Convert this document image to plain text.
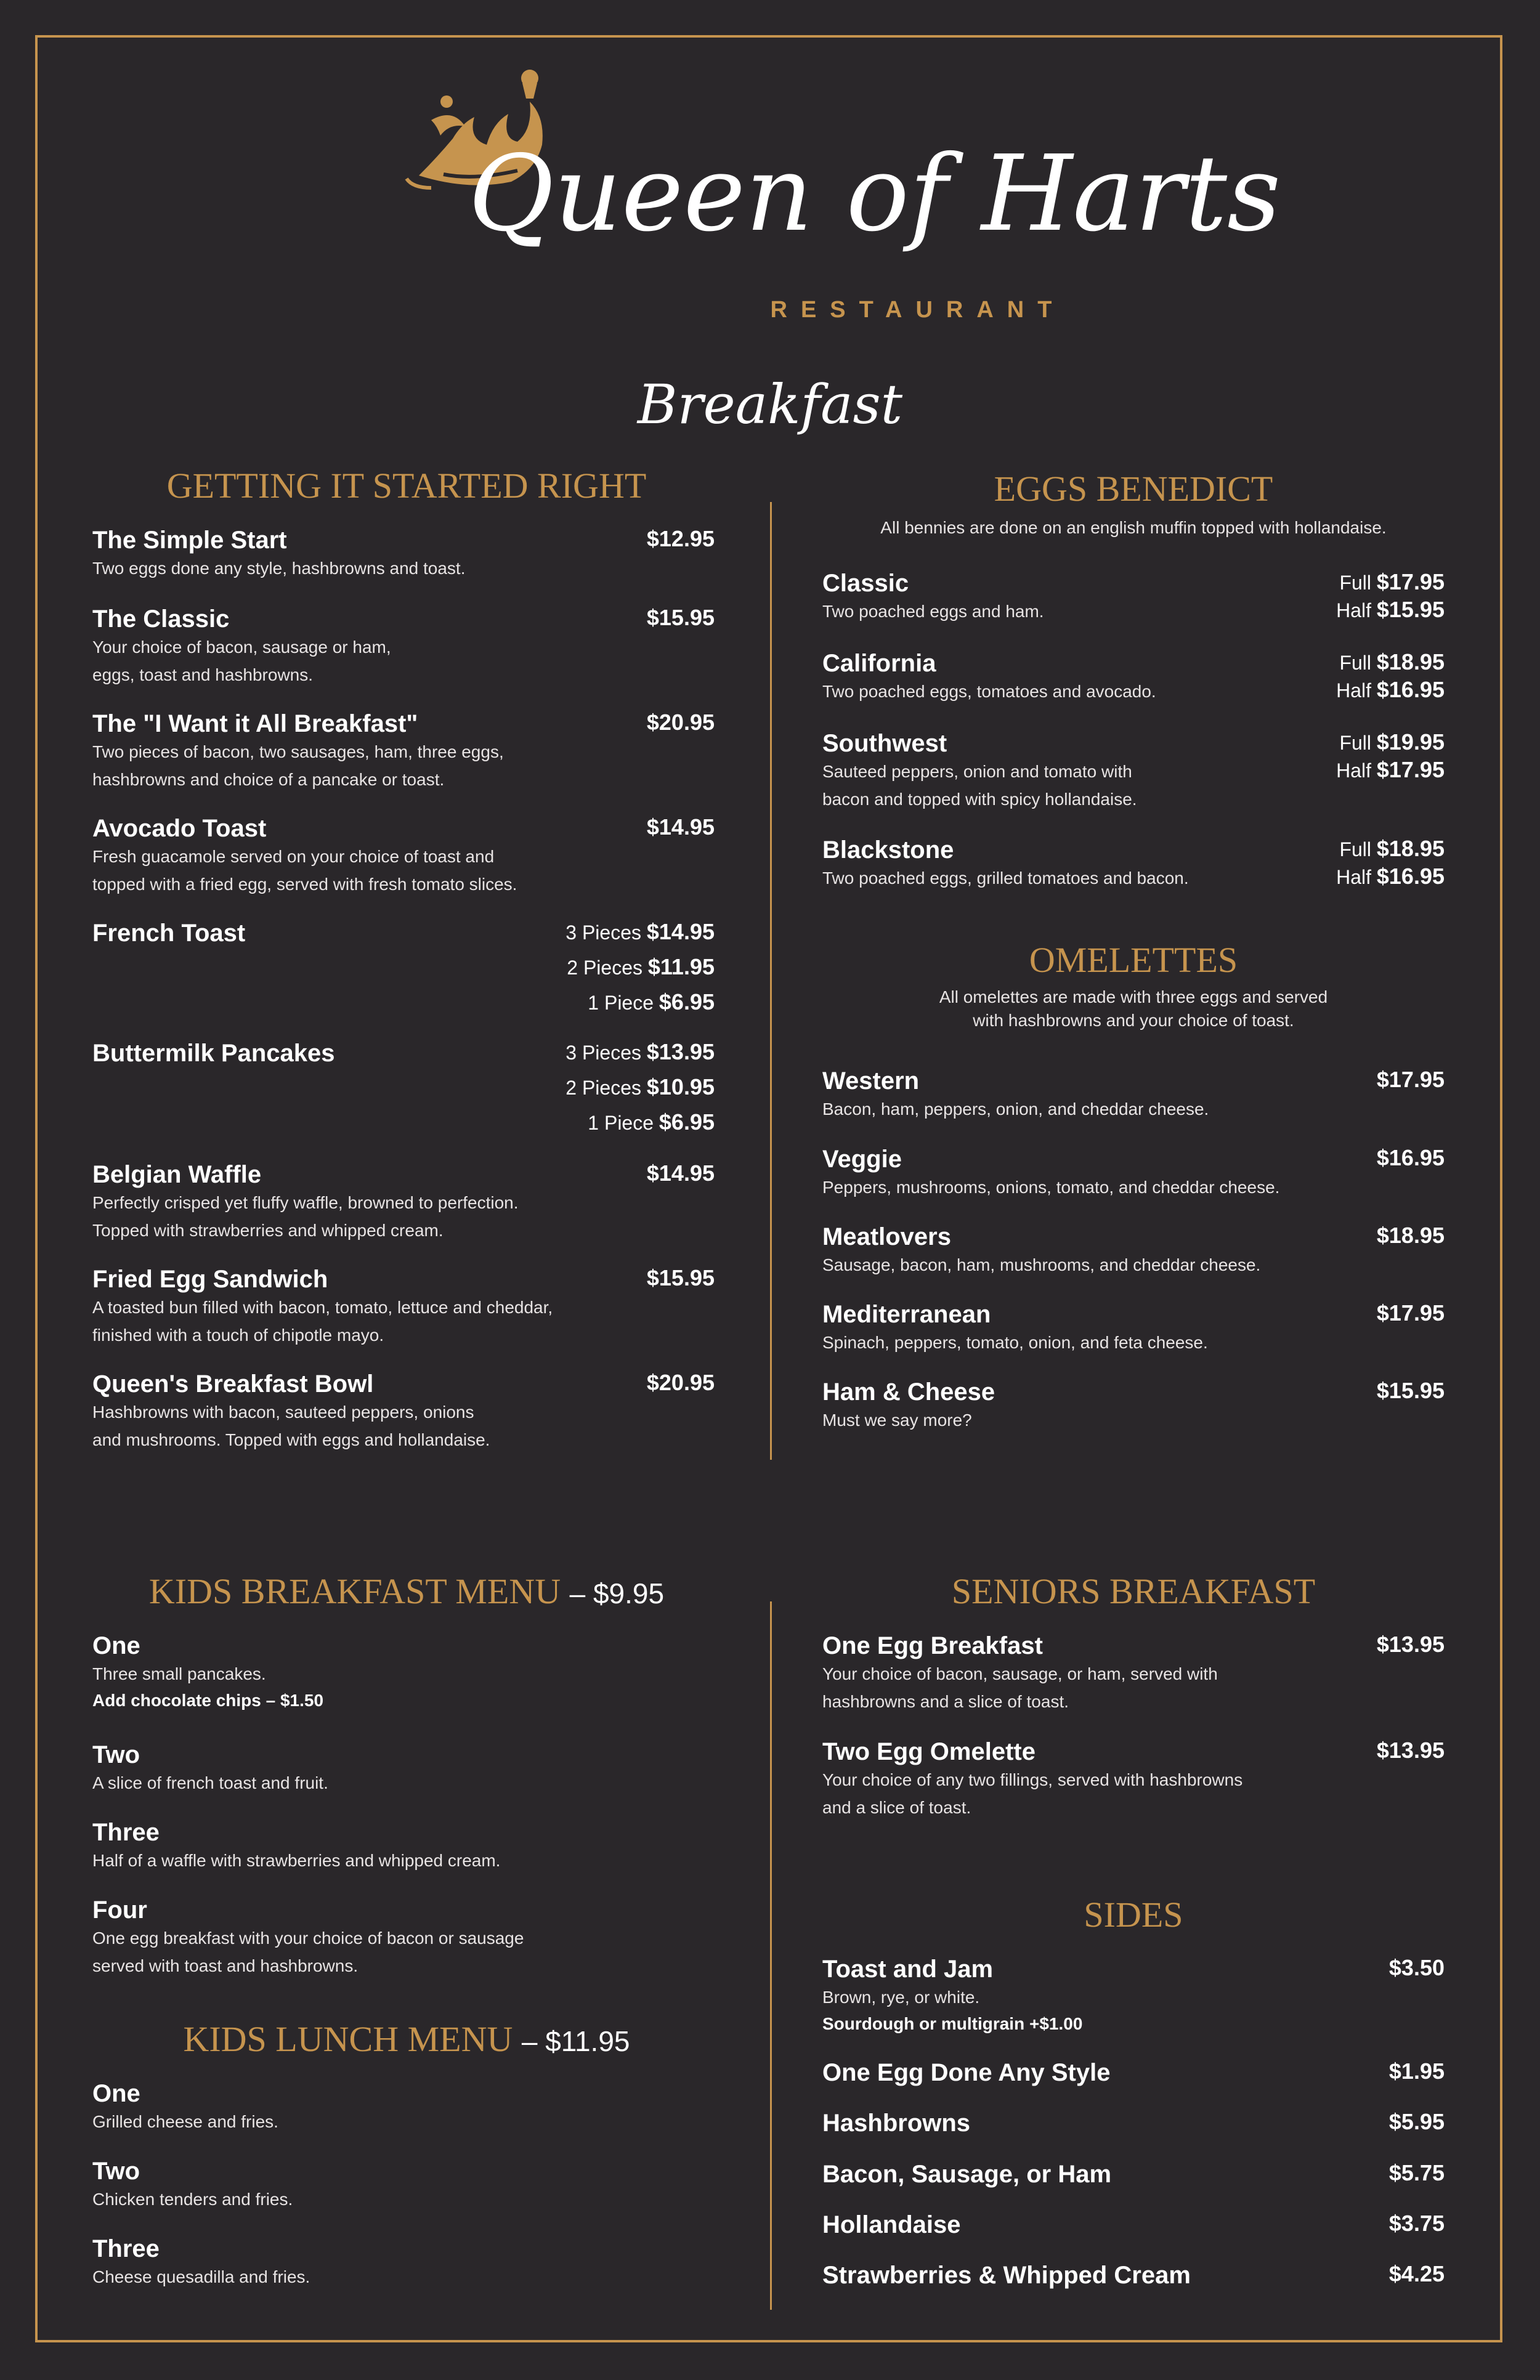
Queen of Harts
RESTAURANT
Breakfast
GETTING IT STARTED RIGHT	EGGS BENEDICT
All bennies are done on an english muffin topped with hollandaise.
OMELETTES
All omelettes are made with three eggs and served
with hashbrowns and your choice of toast.
KIDS BREAKFAST MENU – $9.95
KIDS LUNCH MENU – $11.95
SENIORS BREAKFAST
SIDES
The Simple Start	$12.95
Two eggs done any style, hashbrowns and toast.
The Classic	$15.95
Your choice of bacon, sausage or ham,
eggs, toast and hashbrowns.
The "I Want it All Breakfast"	$20.95
Two pieces of bacon, two sausages, ham, three eggs,
hashbrowns and choice of a pancake or toast.
Avocado Toast	$14.95
Fresh guacamole served on your choice of toast and
topped with a fried egg, served with fresh tomato slices.
French Toast	3 Pieces $14.95
2 Pieces $11.95
1 Piece $6.95
Buttermilk Pancakes	3 Pieces $13.95
2 Pieces $10.95
1 Piece $6.95
Belgian Waffle	$14.95
Perfectly crisped yet fluffy waffle, browned to perfection.
Topped with strawberries and whipped cream.
Fried Egg Sandwich	$15.95
A toasted bun filled with bacon, tomato, lettuce and cheddar,
finished with a touch of chipotle mayo.
Queen's Breakfast Bowl	$20.95
Hashbrowns with bacon, sauteed peppers, onions
and mushrooms. Topped with eggs and hollandaise.
Classic
Two poached eggs and ham.
Full $17.95
Half $15.95
California
Two poached eggs, tomatoes and avocado.
Full $18.95
Half $16.95
Southwest
Sauteed peppers, onion and tomato with
bacon and topped with spicy hollandaise.
Full $19.95
Half $17.95
Blackstone
Two poached eggs, grilled tomatoes and bacon.
Full $18.95
Half $16.95
Western	$17.95
Bacon, ham, peppers, onion, and cheddar cheese.
Veggie	$16.95
Peppers, mushrooms, onions, tomato, and cheddar cheese.
Meatlovers	$18.95
Sausage, bacon, ham, mushrooms, and cheddar cheese.
Mediterranean	$17.95
Spinach, peppers, tomato, onion, and feta cheese.
Ham & Cheese	$15.95
Must we say more?
One
Three small pancakes.
Add chocolate chips – $1.50
Two
A slice of french toast and fruit.
Three
Half of a waffle with strawberries and whipped cream.
Four
One egg breakfast with your choice of bacon or sausage
served with toast and hashbrowns.
One
Grilled cheese and fries.
Two
Chicken tenders and fries.
Three
Cheese quesadilla and fries.
One Egg Breakfast	$13.95
Your choice of bacon, sausage, or ham, served with
hashbrowns and a slice of toast.
Two Egg Omelette	$13.95
Your choice of any two fillings, served with hashbrowns
and a slice of toast.
Toast and Jam	$3.50
Brown, rye, or white.
Sourdough or multigrain +$1.00
One Egg Done Any Style	$1.95
Hashbrowns	$5.95
Bacon, Sausage, or Ham	$5.75
Hollandaise	$3.75
Strawberries & Whipped Cream	$4.25
